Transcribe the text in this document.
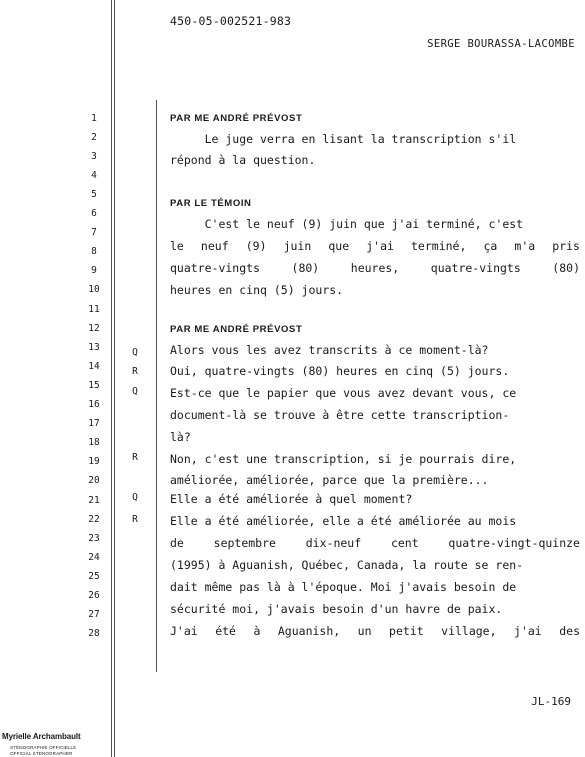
450-05-002521-983
SERGE BOURASSA-LACOMBE
1
2
3
4
5
6
7
8
9
10
11
12
13
14
15
16
17
18
19
20
21
22
23
24
25
26
27
28
Q
R
Q
R
Q
R
PAR ME ANDRÉ PRÉVOST
Le juge verra en lisant la transcription s'il
répond à la question.
PAR LE TÉMOIN
C'est le neuf (9) juin que j'ai terminé, c'est
le neuf (9) juin que j'ai terminé, ça m'a pris
quatre-vingts (80) heures, quatre-vingts (80)
heures en cinq (5) jours.
PAR ME ANDRÉ PRÉVOST
Alors vous les avez transcrits à ce moment-là?
Oui, quatre-vingts (80) heures en cinq (5) jours.
Est-ce que le papier que vous avez devant vous, ce
document-là se trouve à être cette transcription-
là?
Non, c'est une transcription, si je pourrais dire,
améliorée, améliorée, parce que la première...
Elle a été améliorée à quel moment?
Elle a été améliorée, elle a été améliorée au mois
de septembre dix-neuf cent quatre-vingt-quinze
(1995) à Aguanish, Québec, Canada, la route se ren-
dait même pas là à l'époque. Moi j'avais besoin de
sécurité moi, j'avais besoin d'un havre de paix.
J'ai été à Aguanish, un petit village, j'ai des
JL-169
Myrielle Archambault
STÉNOGRAPHIE OFFICIELLE
OFFICIAL STENOGRAPHER
